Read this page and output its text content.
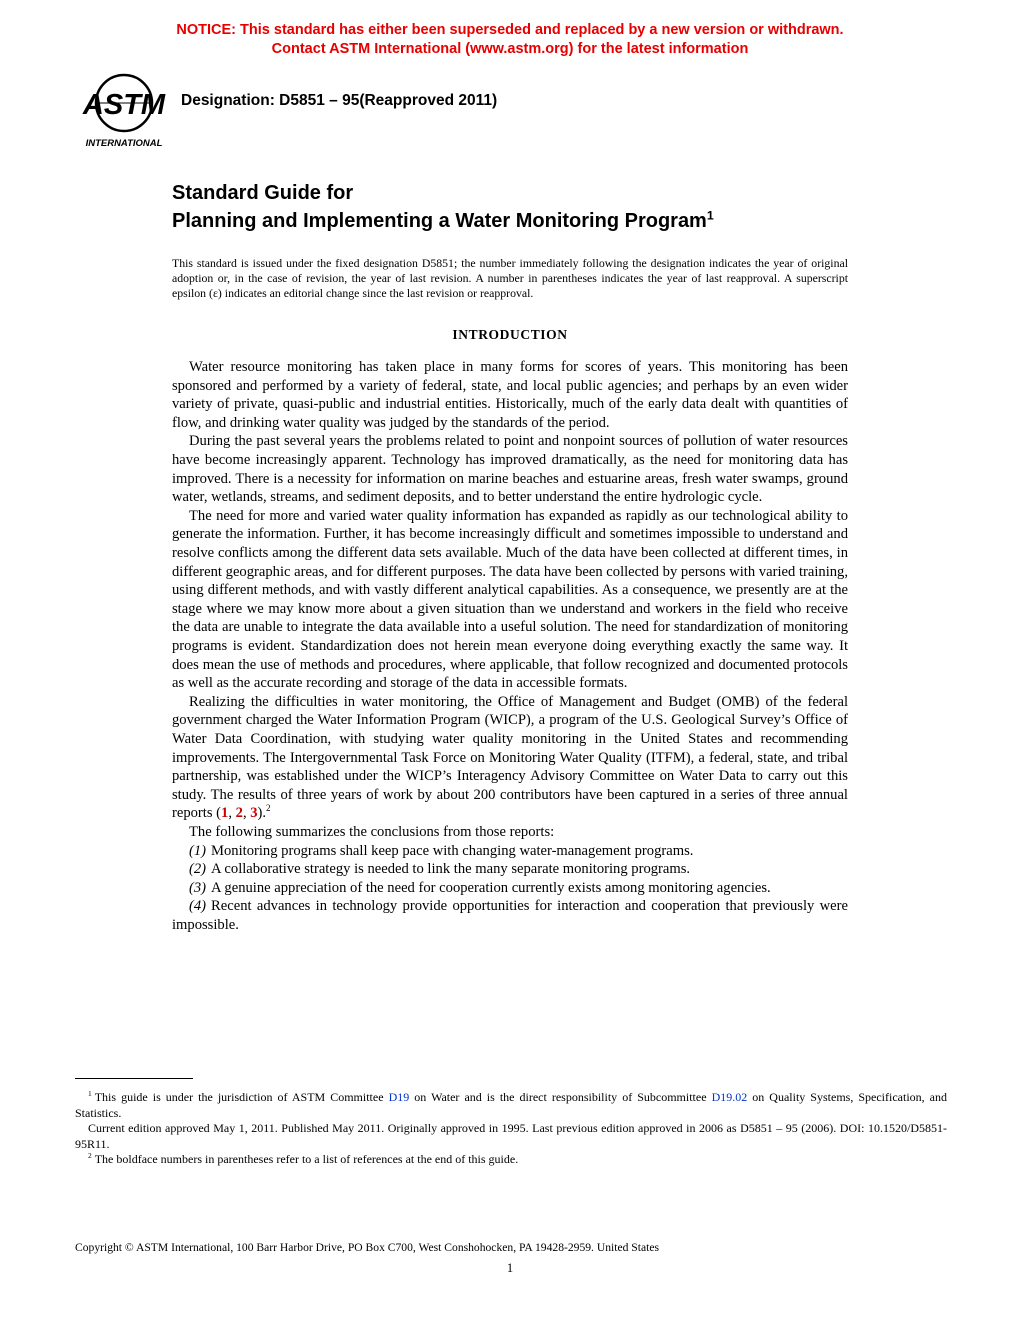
NOTICE: This standard has either been superseded and replaced by a new version or withdrawn.
Contact ASTM International (www.astm.org) for the latest information
ASTM
INTERNATIONAL
Designation: D5851 – 95(Reapproved 2011)
Standard Guide for
Planning and Implementing a Water Monitoring Program$^1$
This standard is issued under the fixed designation D5851; the number immediately following the designation indicates the year of original adoption or, in the case of revision, the year of last revision. A number in parentheses indicates the year of last reapproval. A superscript epsilon (ε) indicates an editorial change since the last revision or reapproval.
INTRODUCTION

Water resource monitoring has taken place in many forms for scores of years. This monitoring has been sponsored and performed by a variety of federal, state, and local public agencies; and perhaps by an even wider variety of private, quasi-public and industrial entities. Historically, much of the early data dealt with quantities of flow, and drinking water quality was judged by the standards of the period.

During the past several years the problems related to point and nonpoint sources of pollution of water resources have become increasingly apparent. Technology has improved dramatically, as the need for monitoring data has improved. There is a necessity for information on marine beaches and estuarine areas, fresh water swamps, ground water, wetlands, streams, and sediment deposits, and to better understand the entire hydrologic cycle.

The need for more and varied water quality information has expanded as rapidly as our technological ability to generate the information. Further, it has become increasingly difficult and sometimes impossible to understand and resolve conflicts among the different data sets available. Much of the data have been collected at different times, in different geographic areas, and for different purposes. The data have been collected by persons with varied training, using different methods, and with vastly different analytical capabilities. As a consequence, we presently are at the stage where we may know more about a given situation than we understand and workers in the field who receive the data are unable to integrate the data available into a useful solution. The need for standardization of monitoring programs is evident. Standardization does not herein mean everyone doing everything exactly the same way. It does mean the use of methods and procedures, where applicable, that follow recognized and documented protocols as well as the accurate recording and storage of the data in accessible formats.

Realizing the difficulties in water monitoring, the Office of Management and Budget (OMB) of the federal government charged the Water Information Program (WICP), a program of the U.S. Geological Survey’s Office of Water Data Coordination, with studying water quality monitoring in the United States and recommending improvements. The Intergovernmental Task Force on Monitoring Water Quality (ITFM), a federal, state, and tribal partnership, was established under the WICP’s Interagency Advisory Committee on Water Data to carry out this study. The results of three years of work by about 200 contributors have been captured in a series of three annual reports (1, 2, 3).$^2$

The following summarizes the conclusions from those reports:

(1) Monitoring programs shall keep pace with changing water-management programs.

(2) A collaborative strategy is needed to link the many separate monitoring programs.

(3) A genuine appreciation of the need for cooperation currently exists among monitoring agencies.

(4) Recent advances in technology provide opportunities for interaction and cooperation that previously were impossible.

$^1$ This guide is under the jurisdiction of ASTM Committee D19 on Water and is the direct responsibility of Subcommittee D19.02 on Quality Systems, Specification, and Statistics.

Current edition approved May 1, 2011. Published May 2011. Originally approved in 1995. Last previous edition approved in 2006 as D5851 – 95 (2006). DOI: 10.1520/D5851-95R11.

$^2$ The boldface numbers in parentheses refer to a list of references at the end of this guide.

Copyright © ASTM International, 100 Barr Harbor Drive, PO Box C700, West Conshohocken, PA 19428-2959. United States
1
